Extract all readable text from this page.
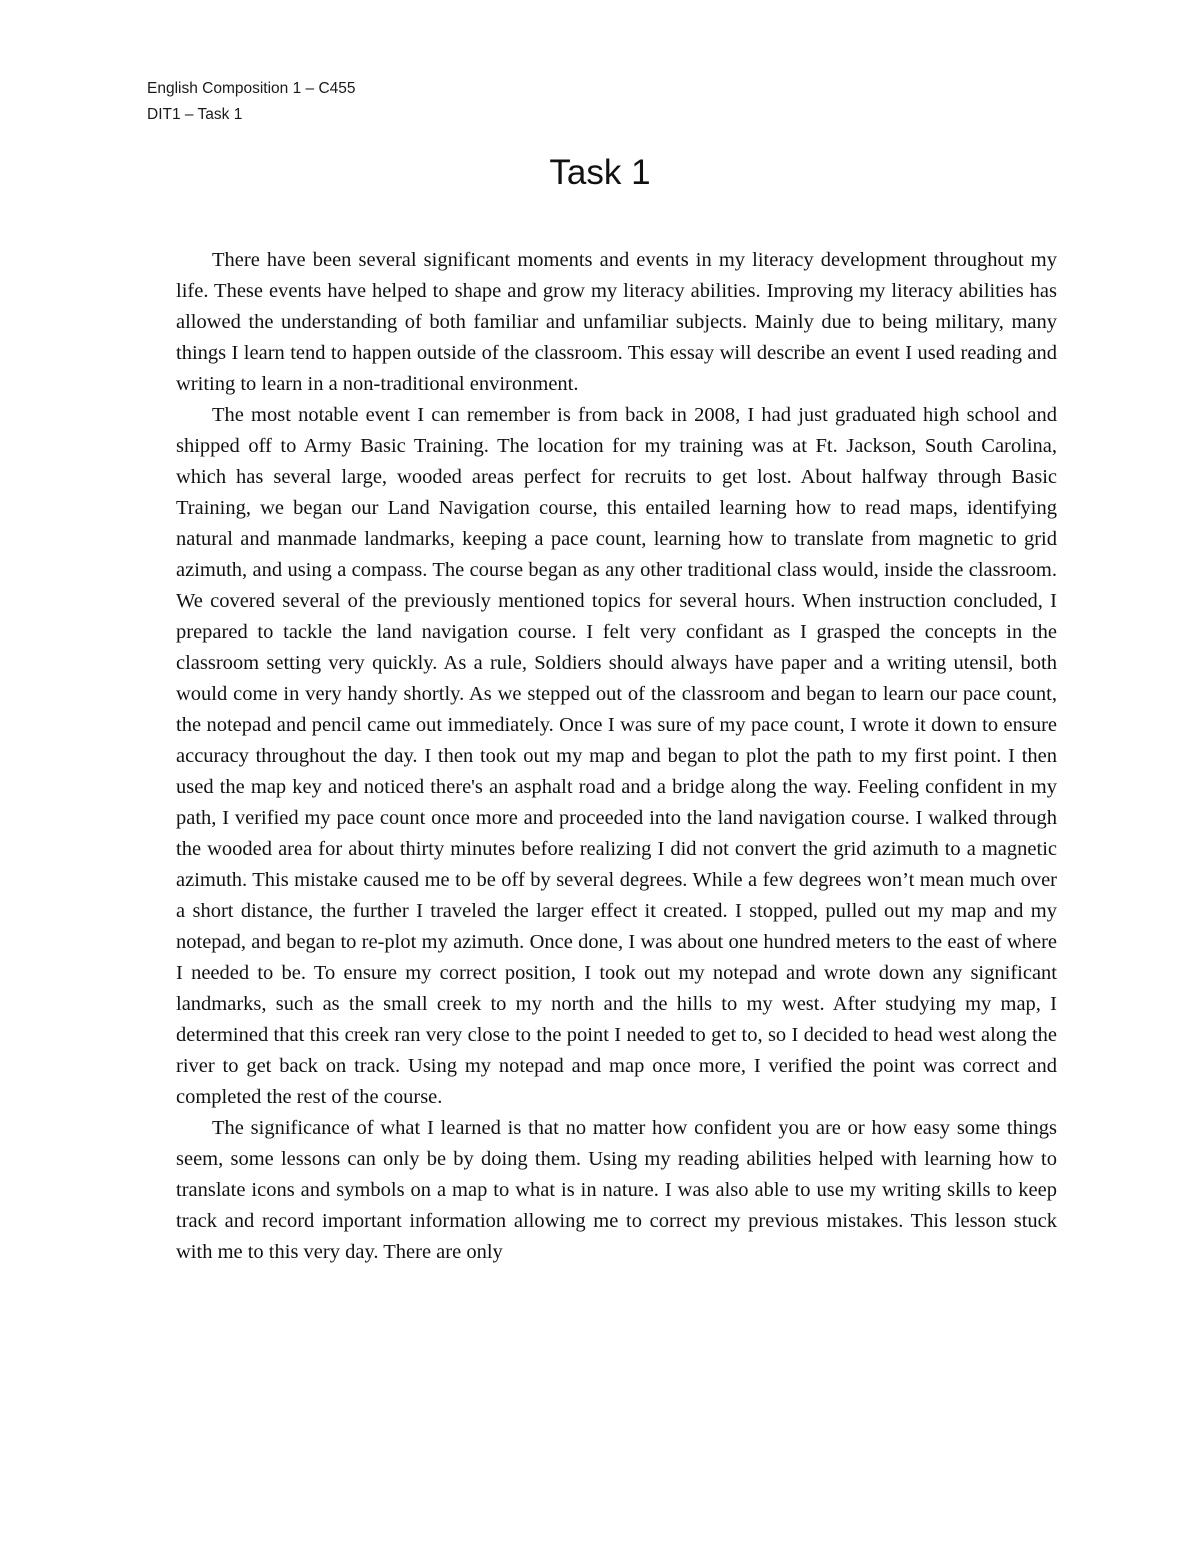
English Composition 1 – C455
DIT1 – Task 1
Task 1

There have been several significant moments and events in my literacy development throughout my life. These events have helped to shape and grow my literacy abilities. Improving my literacy abilities has allowed the understanding of both familiar and unfamiliar subjects. Mainly due to being military, many things I learn tend to happen outside of the classroom. This essay will describe an event I used reading and writing to learn in a non-traditional environment.

The most notable event I can remember is from back in 2008, I had just graduated high school and shipped off to Army Basic Training. The location for my training was at Ft. Jackson, South Carolina, which has several large, wooded areas perfect for recruits to get lost. About halfway through Basic Training, we began our Land Navigation course, this entailed learning how to read maps, identifying natural and manmade landmarks, keeping a pace count, learning how to translate from magnetic to grid azimuth, and using a compass. The course began as any other traditional class would, inside the classroom. We covered several of the previously mentioned topics for several hours. When instruction concluded, I prepared to tackle the land navigation course. I felt very confidant as I grasped the concepts in the classroom setting very quickly. As a rule, Soldiers should always have paper and a writing utensil, both would come in very handy shortly. As we stepped out of the classroom and began to learn our pace count, the notepad and pencil came out immediately. Once I was sure of my pace count, I wrote it down to ensure accuracy throughout the day. I then took out my map and began to plot the path to my first point. I then used the map key and noticed there's an asphalt road and a bridge along the way. Feeling confident in my path, I verified my pace count once more and proceeded into the land navigation course. I walked through the wooded area for about thirty minutes before realizing I did not convert the grid azimuth to a magnetic azimuth. This mistake caused me to be off by several degrees. While a few degrees won’t mean much over a short distance, the further I traveled the larger effect it created. I stopped, pulled out my map and my notepad, and began to re-plot my azimuth. Once done, I was about one hundred meters to the east of where I needed to be. To ensure my correct position, I took out my notepad and wrote down any significant landmarks, such as the small creek to my north and the hills to my west. After studying my map, I determined that this creek ran very close to the point I needed to get to, so I decided to head west along the river to get back on track. Using my notepad and map once more, I verified the point was correct and completed the rest of the course.

The significance of what I learned is that no matter how confident you are or how easy some things seem, some lessons can only be by doing them. Using my reading abilities helped with learning how to translate icons and symbols on a map to what is in nature. I was also able to use my writing skills to keep track and record important information allowing me to correct my previous mistakes. This lesson stuck with me to this very day. There are only
